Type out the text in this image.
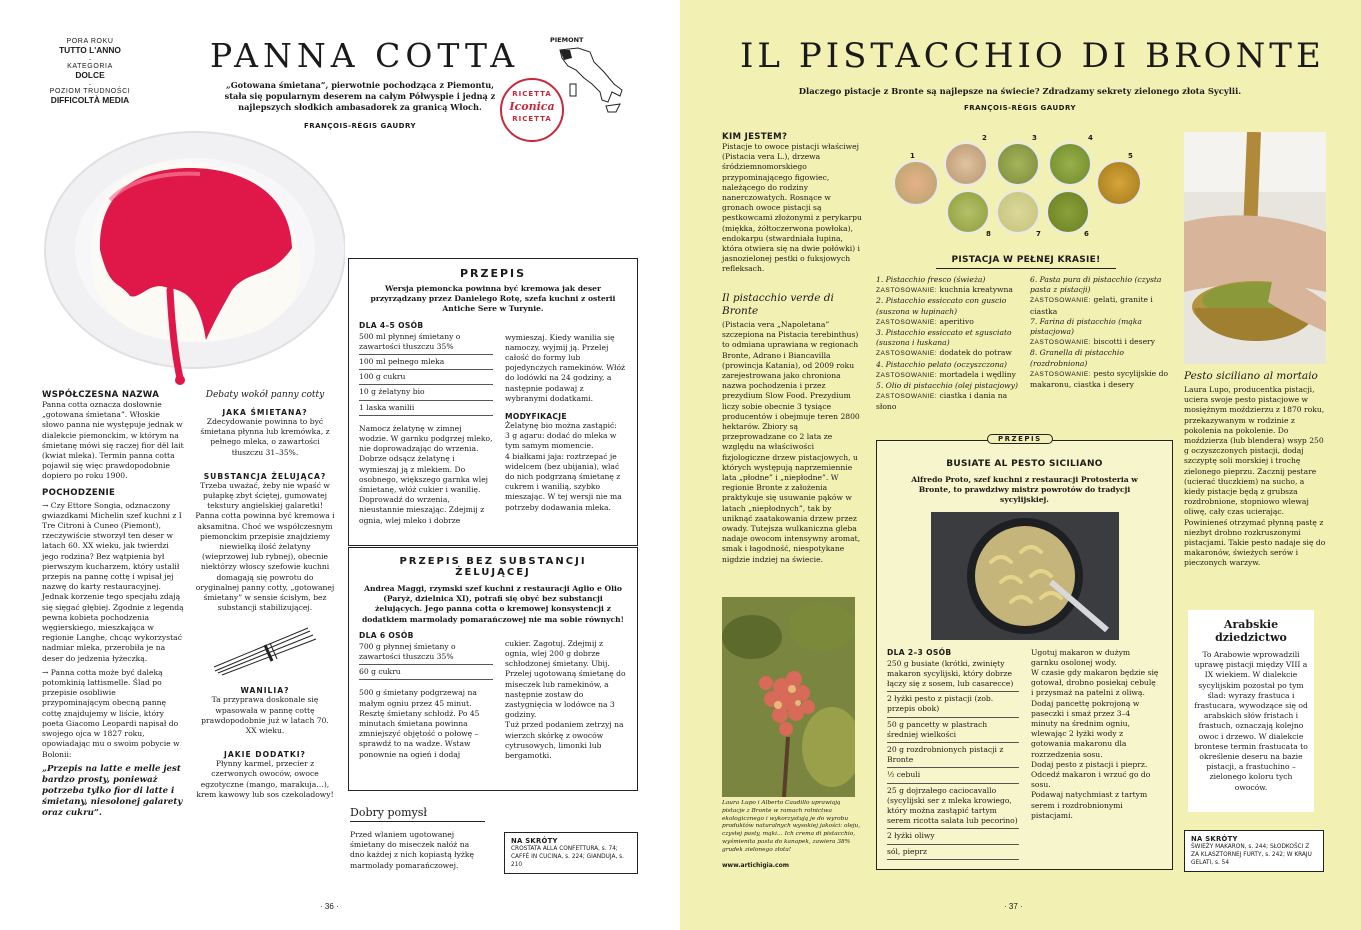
PORA ROKU
TUTTO L'ANNO
·
KATEGORIA
DOLCE
·
POZIOM TRUDNOŚCI
DIFFICOLTÀ MEDIA
PANNA COTTA
„Gotowana śmietana”, pierwotnie pochodząca z Piemontu, stała się popularnym deserem na całym Półwyspie i jedną z najlepszych słodkich ambasadorek za granicą Włoch.
FRANÇOIS-RÉGIS GAUDRY
PIEMONT
RICETTA
Iconica
RICETTA
WSPÓŁCZESNA NAZWA

Panna cotta oznacza dosłownie „gotowana śmietana”. Włoskie słowo panna nie występuje jednak w dialekcie piemonckim, w którym na śmietanę mówi się raczej fior dël lait (kwiat mleka). Termin panna cotta pojawił się więc prawdopodobnie dopiero po roku 1900.

POCHODZENIE

→ Czy Ettore Songia, odznaczony gwiazdkami Michelin szef kuchni z I Tre Citroni à Cuneo (Piemont), rzeczywiście stworzył ten deser w latach 60. XX wieku, jak twierdzi jego rodzina? Bez wątpienia był pierwszym kucharzem, który ustalił przepis na pannę cottę i wpisał jej nazwę do karty restauracyjnej. Jednak korzenie tego specjału zdają się sięgać głębiej. Zgodnie z legendą pewna kobieta pochodzenia węgierskiego, mieszkająca w regionie Langhe, chcąc wykorzystać nadmiar mleka, przerobiła je na deser do jedzenia łyżeczką.

→ Panna cotta może być daleką potomkinią lattismelle. Ślad po przepisie osobliwie przypominającym obecną pannę cottę znajdujemy w liście, który poeta Giacomo Leopardi napisał do swojego ojca w 1827 roku, opowiadając mu o swoim pobycie w Bolonii:

„Przepis na latte e melle jest bardzo prosty, ponieważ potrzeba tylko fior di latte i śmietany, niesolonej galarety oraz cukru”.

Debaty wokół panny cotty
JAKA ŚMIETANA?

Zdecydowanie powinna to być śmietana płynna lub kremówka, z pełnego mleka, o zawartości tłuszczu 31–35%.

SUBSTANCJA ŻELUJĄCA?

Trzeba uważać, żeby nie wpaść w pułapkę zbyt ściętej, gumowatej tekstury angielskiej galaretki! Panna cotta powinna być kremowa i aksamitna. Choć we współczesnym piemonckim przepisie znajdziemy niewielką ilość żelatyny (wieprzowej lub rybnej), obecnie niektórzy włoscy szefowie kuchni domagają się powrotu do oryginalnej panny cotty, „gotowanej śmietany” w sensie ścisłym, bez substancji stabilizującej.

WANILIA?

Ta przyprawa doskonale się wpasowała w pannę cottę prawdopodobnie już w latach 70. XX wieku.

JAKIE DODATKI?

Płynny karmel, przecier z czerwonych owoców, owoce egzotyczne (mango, marakuja…), krem kawowy lub sos czekoladowy!

PRZEPIS
Wersja piemoncka powinna być kremowa jak deser przyrządzany przez Danielego Rotę, szefa kuchni z osterii Antiche Sere w Turynie.
DLA 4–5 OSÓB
500 ml płynnej śmietany o zawartości tłuszczu 35%
100 ml pełnego mleka
100 g cukru
10 g żelatyny bio
1 laska wanilii

Namocz żelatynę w zimnej wodzie. W garnku podgrzej mleko, nie doprowadzając do wrzenia. Dobrze odsącz żelatynę i wymieszaj ją z mlekiem. Do osobnego, większego garnka wlej śmietanę, włóż cukier i wanilię. Doprowadź do wrzenia, nieustannie mieszając. Zdejmij z ognia, wlej mleko i dobrze

wymieszaj. Kiedy wanilia się namoczy, wyjmij ją. Przelej całość do formy lub pojedynczych ramekinów. Włóż do lodówki na 24 godziny, a następnie podawaj z wybranymi dodatkami.

MODYFIKACJE

Żelatynę bio można zastąpić:

3 g agaru: dodać do mleka w tym samym momencie.

4 białkami jaja: roztrzepać je widelcem (bez ubijania), wlać do nich podgrzaną śmietanę z cukrem i wanilią, szybko mieszając. W tej wersji nie ma potrzeby dodawania mleka.

PRZEPIS BEZ SUBSTANCJI ŻELUJĄCEJ
Andrea Maggi, rzymski szef kuchni z restauracji Aglio e Olio (Paryż, dzielnica XI), potrafi się obyć bez substancji żelujących. Jego panna cotta o kremowej konsystencji z dodatkiem marmolady pomarańczowej nie ma sobie równych!
DLA 6 OSÓB
700 g płynnej śmietany o zawartości tłuszczu 35%
60 g cukru

500 g śmietany podgrzewaj na małym ogniu przez 45 minut. Resztę śmietany schłodź. Po 45 minutach śmietana powinna zmniejszyć objętość o połowę – sprawdź to na wadze. Wstaw ponownie na ogień i dodaj

cukier. Zagotuj. Zdejmij z ognia, wlej 200 g dobrze schłodzonej śmietany. Ubij.

Przelej ugotowaną śmietanę do miseczek lub ramekinów, a następnie zostaw do zastygnięcia w lodówce na 3 godziny.

Tuż przed podaniem zetrzyj na wierzch skórkę z owoców cytrusowych, limonki lub bergamotki.

Dobry pomysł

Przed wlaniem ugotowanej śmietany do miseczek nałóż na dno każdej z nich kopiastą łyżkę marmolady pomarańczowej.

NA SKRÓTY
CROSTATA ALLA CONFETTURA, s. 74; CAFFÈ IN CUCINA, s. 224; GIANDUJA, s. 210
· 36 ·
IL PISTACCHIO DI BRONTE
Dlaczego pistacje z Bronte są najlepsze na świecie? Zdradzamy sekrety zielonego złota Sycylii.
FRANÇOIS-RÉGIS GAUDRY
KIM JESTEM?

Pistacje to owoce pistacji właściwej (Pistacia vera L.), drzewa śródziemnomorskiego przypominającego figowiec, należącego do rodziny nanerczowatych. Rosnące w gronach owoce pistacji są pestkowcami złożonymi z perykarpu (miękka, żółtoczerwona powłoka), endokarpu (stwardniała łupina, która otwiera się na dwie połówki) i jasnozielonej pestki o fuksjowych refleksach.

Il pistacchio verde di Bronte

(Pistacia vera „Napoletana” szczepiona na Pistacia terebinthus) to odmiana uprawiana w regionach Bronte, Adrano i Biancavilla (prowincja Katania), od 2009 roku zarejestrowana jako chroniona nazwa pochodzenia i przez prezydium Slow Food. Prezydium liczy sobie obecnie 3 tysiące producentów i obejmuje teren 2800 hektarów. Zbiory są przeprowadzane co 2 lata ze względu na właściwości fizjologiczne drzew pistacjowych, u których występują naprzemiennie lata „płodne” i „niepłodne”. W regionie Bronte z założenia praktykuje się usuwanie pąków w latach „niepłodnych”, tak by uniknąć zaatakowania drzew przez owady. Tutejsza wulkaniczna gleba nadaje owocom intensywny aromat, smak i łagodność, niespotykane nigdzie indziej na świecie.

Laura Lupo i Alberto Caudillo uprawiają pistacje z Bronte w ramach rolnictwa ekologicznego i wykorzystują je do wyrobu produktów naturalnych wysokiej jakości: oleju, czystej pasty, mąki… Ich crema di pistacchio, wyśmienita pasta do kanapek, zawiera 38% grudek zielonego złota!
www.artichigia.com
1
2	3	4
5
6
7
8
PISTACJA W PEŁNEJ KRASIE!
1. Pistacchio fresco (świeża)
ZASTOSOWANIE: kuchnia kreatywna
2. Pistacchio essiccato con guscio (suszona w łupinach)
ZASTOSOWANIE: aperitivo
3. Pistacchio essiccato et sgusciato (suszona i łuskana)
ZASTOSOWANIE: dodatek do potraw
4. Pistacchio pelato (oczyszczona)
ZASTOSOWANIE: mortadela i wędliny
5. Olio di pistacchio (olej pistacjowy)
ZASTOSOWANIE: ciastka i dania na słono
6. Pasta pura di pistacchio (czysta pasta z pistacji)
ZASTOSOWANIE: gelati, granite i ciastka
7. Farina di pistacchio (mąka pistacjowa)
ZASTOSOWANIE: biscotti i desery
8. Granella di pistacchio (rozdrobniona)
ZASTOSOWANIE: pesto sycylijskie do makaronu, ciastka i desery
PRZEPIS
BUSIATE AL PESTO SICILIANO
Alfredo Proto, szef kuchni z restauracji Protosteria w Bronte, to prawdziwy mistrz powrotów do tradycji sycylijskiej.
DLA 2–3 OSÓB
250 g busiate (krótki, zwinięty makaron sycylijski, który dobrze łączy się z sosem, lub casarecce)
2 łyżki pesto z pistacji (zob. przepis obok)
50 g pancetty w plastrach średniej wielkości
20 g rozdrobnionych pistacji z Bronte
½ cebuli
25 g dojrzałego caciocavallo (sycylijski ser z mleka krowiego, który można zastąpić tartym serem ricotta salata lub pecorino)
2 łyżki oliwy
sól, pieprz

Ugotuj makaron w dużym garnku osolonej wody.

W czasie gdy makaron będzie się gotował, drobno posiekaj cebulę i przysmaż na patelni z oliwą. Dodaj pancettę pokrojoną w paseczki i smaż przez 3–4 minuty na średnim ogniu, wlewając 2 łyżki wody z gotowania makaronu dla rozrzedzenia sosu.

Dodaj pesto z pistacji i pieprz. Odcedź makaron i wrzuć go do sosu.

Podawaj natychmiast z tartym serem i rozdrobnionymi pistacjami.

Pesto siciliano al mortaio

Laura Lupo, producentka pistacji, uciera swoje pesto pistacjowe w mosiężnym moździerzu z 1870 roku, przekazywanym w rodzinie z pokolenia na pokolenie. Do moździerza (lub blendera) wsyp 250 g oczyszczonych pistacji, dodaj szczyptę soli morskiej i trochę zielonego pieprzu. Zacznij pestare (ucierać tłuczkiem) na sucho, a kiedy pistacje będą z grubsza rozdrobnione, stopniowo wlewaj oliwę, cały czas ucierając. Powinieneś otrzymać płynną pastę z niezbyt drobno rozkruszonymi pistacjami. Takie pesto nadaje się do makaronów, świeżych serów i pieczonych warzyw.

Arabskie dziedzictwo

To Arabowie wprowadzili uprawę pistacji między VIII a IX wiekiem. W dialekcie sycylijskim pozostał po tym ślad: wyrazy frastuca i frastucara, wywodzące się od arabskich słów fristach i frastuch, oznaczają kolejno owoc i drzewo. W dialekcie brontese termin frastucata to określenie deseru na bazie pistacji, a frastuchino – zielonego koloru tych owoców.

NA SKRÓTY
ŚWIEŻY MAKARON, s. 244; SŁODKOŚCI Z ZA KLASZTORNEJ FURTY, s. 242; W KRAJU GELATI, s. 54
· 37 ·
